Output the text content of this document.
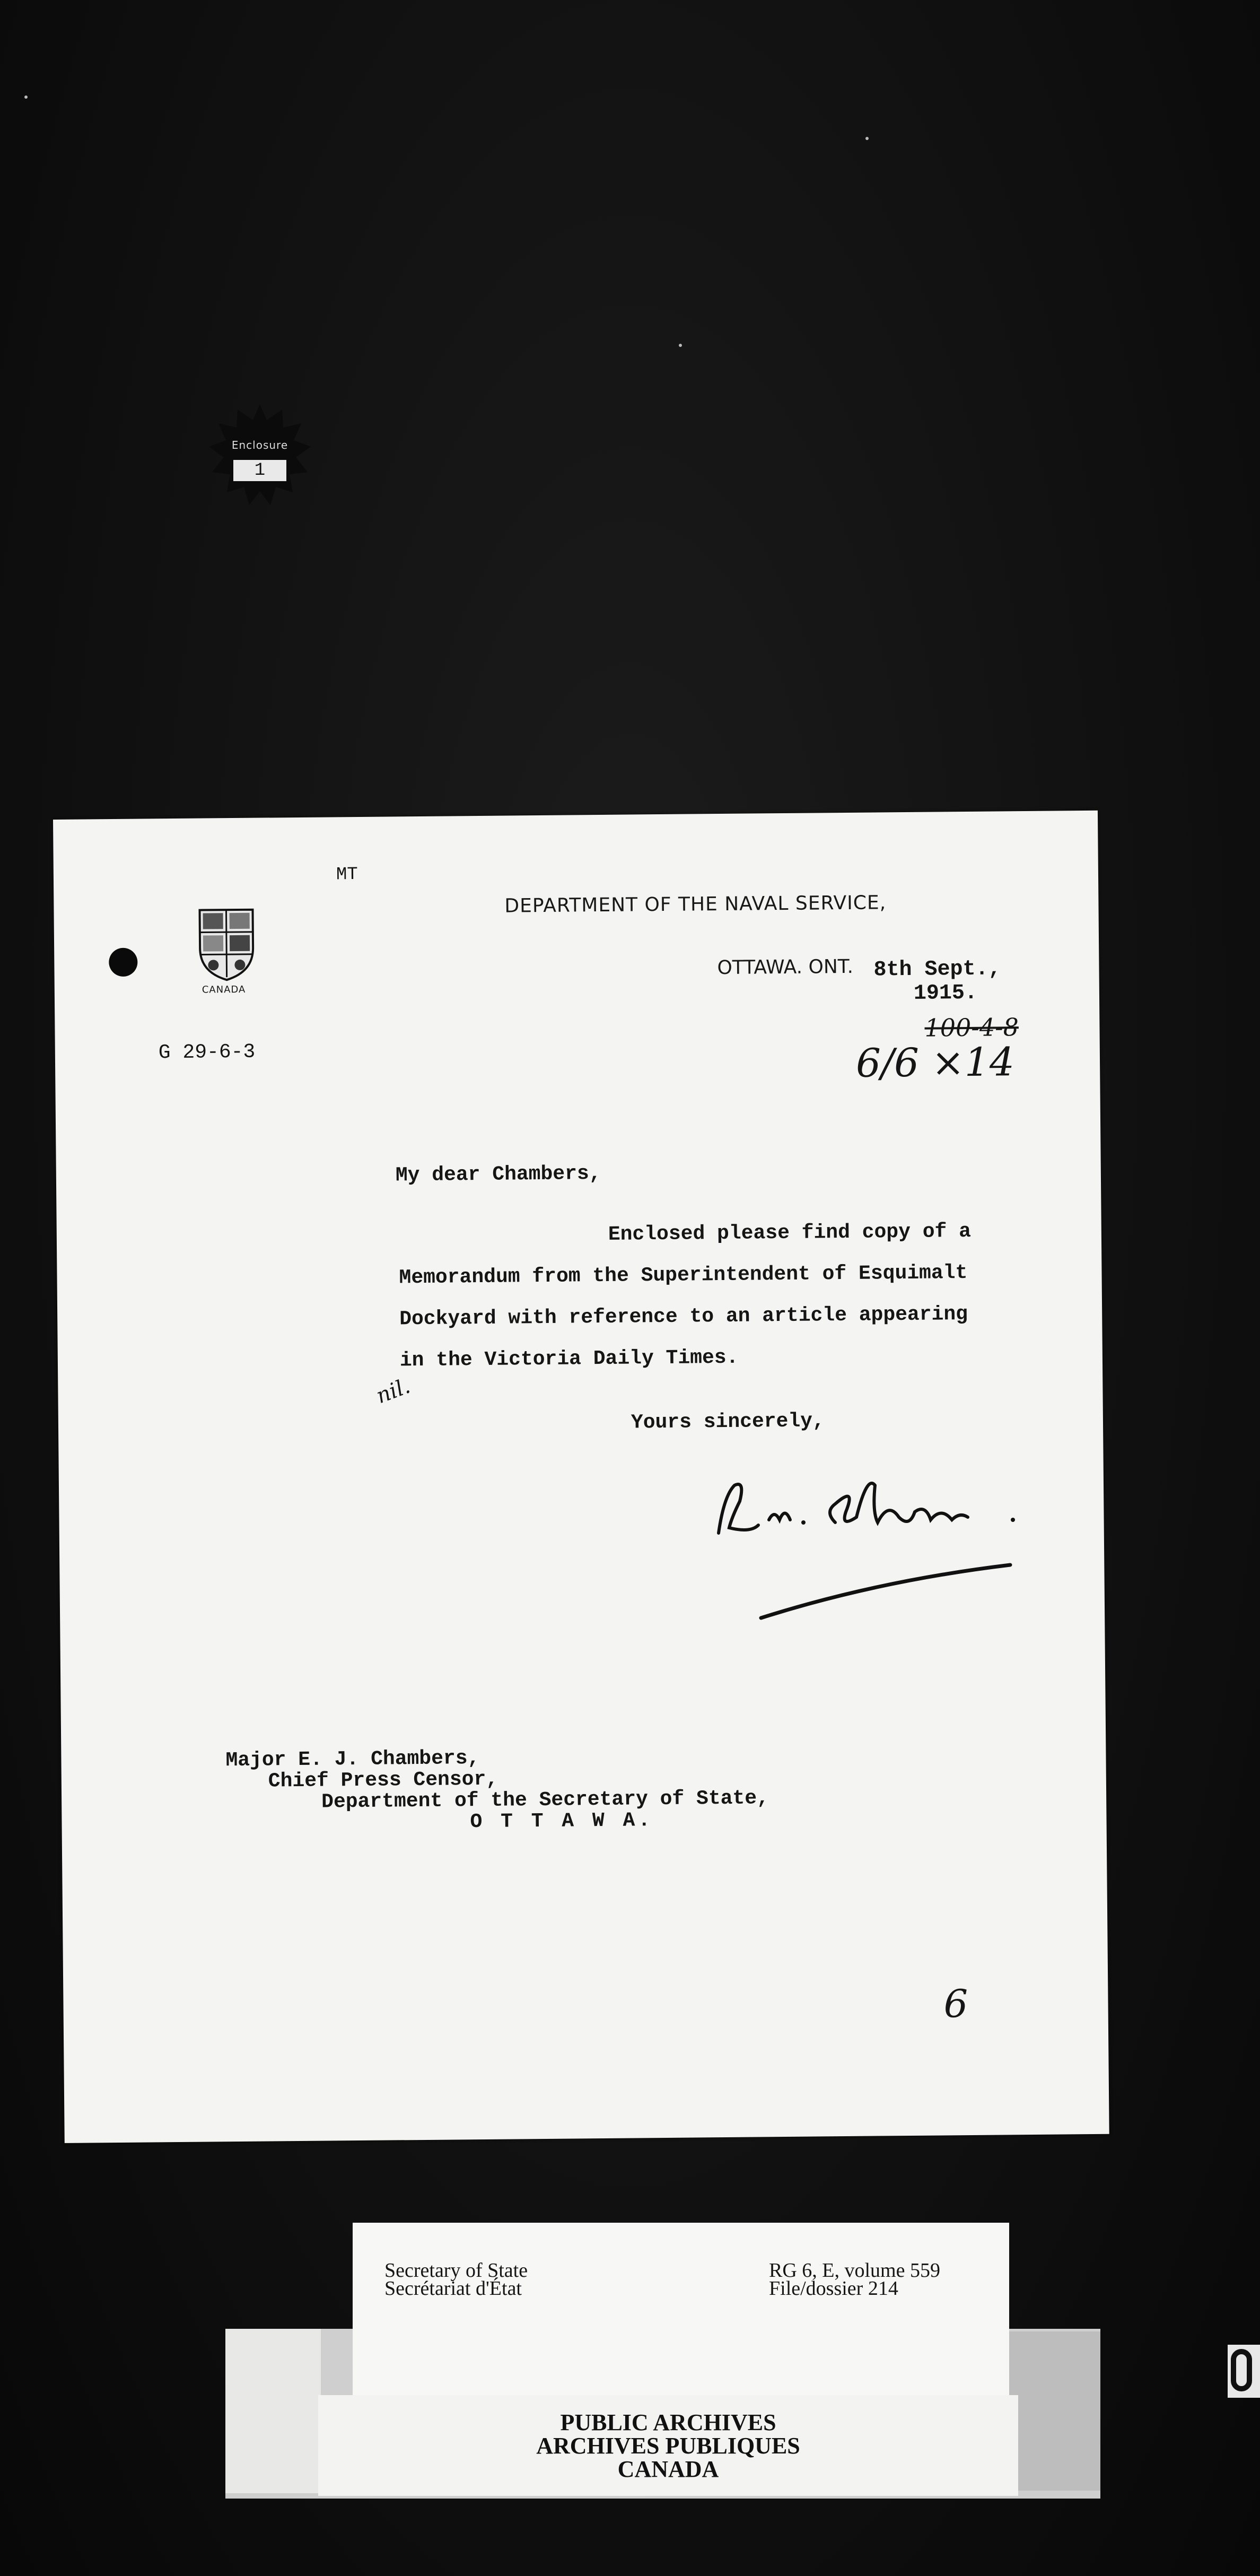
MT
CANADA
DEPARTMENT OF THE NAVAL SERVICE,
OTTAWA. ONT. 8th Sept.,
1915.
G 29-6-3
100-4-8
6/6 ×14
My dear Chambers,
Enclosed please find copy of a
Memorandum from the Superintendent of Esquimalt
Dockyard with reference to an article appearing
in the Victoria Daily Times.
nil.
Yours sincerely,
Major E. J. Chambers,
Chief Press Censor,
Department of the Secretary of State,
O T T A W A.
6
Enclosure
1
Secretary of State
Secrétariat d'État
RG 6, E, volume 559
File/dossier 214
PUBLIC ARCHIVES
ARCHIVES PUBLIQUES
CANADA
